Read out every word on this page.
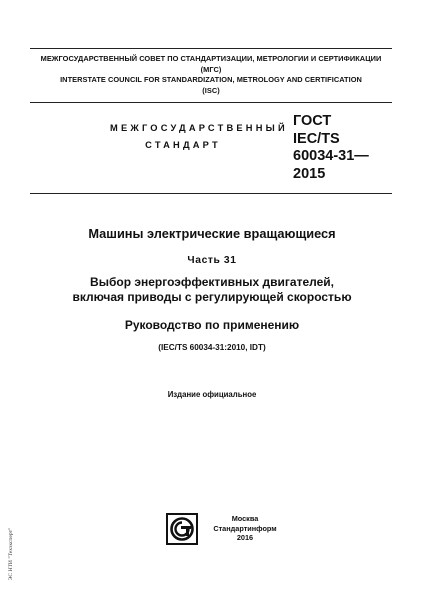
МЕЖГОСУДАРСТВЕННЫЙ СОВЕТ ПО СТАНДАРТИЗАЦИИ, МЕТРОЛОГИИ И СЕРТИФИКАЦИИ
(МГС)
INTERSTATE COUNCIL FOR STANDARDIZATION, METROLOGY AND CERTIFICATION
(ISC)
МЕЖГОСУДАРСТВЕННЫЙ
СТАНДАРТ
ГОСТ
IEC/TS
60034-31—
2015
Машины электрические вращающиеся
Часть 31
Выбор энергоэффективных двигателей,
включая приводы с регулирующей скоростью
Руководство по применению
(IEC/TS 60034-31:2010, IDT)
Издание официальное
Москва
Стандартинформ
2016
ЭС НТИ "Техэксперт"
